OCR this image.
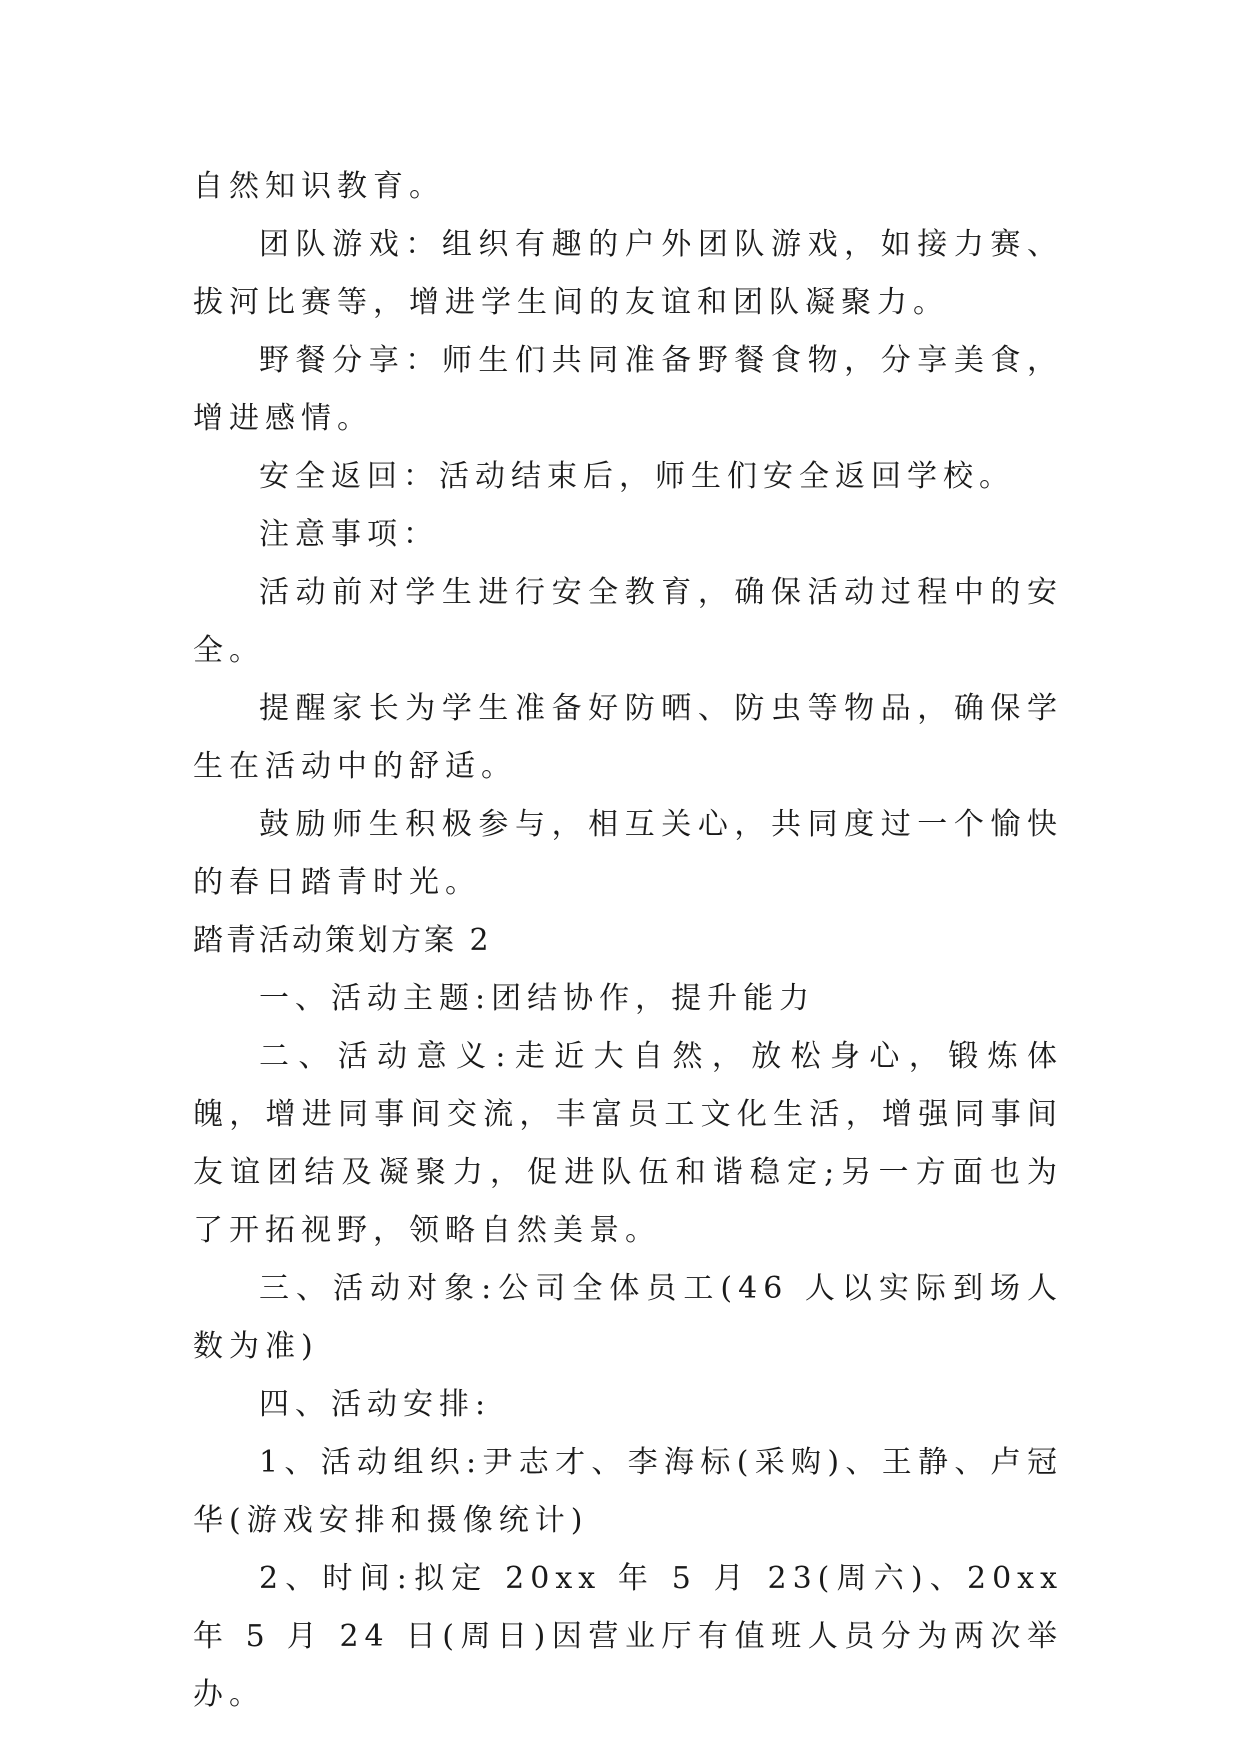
自然知识教育。

团队游戏：组织有趣的户外团队游戏，如接力赛、拔河比赛等，增进学生间的友谊和团队凝聚力。

野餐分享：师生们共同准备野餐食物，分享美食，增进感情。

安全返回：活动结束后，师生们安全返回学校。

注意事项：

活动前对学生进行安全教育，确保活动过程中的安全。

提醒家长为学生准备好防晒、防虫等物品，确保学生在活动中的舒适。

鼓励师生积极参与，相互关心，共同度过一个愉快的春日踏青时光。

踏青活动策划方案 2

一、活动主题:团结协作，提升能力

二、活动意义:走近大自然，放松身心，锻炼体魄，增进同事间交流，丰富员工文化生活，增强同事间友谊团结及凝聚力，促进队伍和谐稳定;另一方面也为了开拓视野，领略自然美景。

三、活动对象:公司全体员工(46 人以实际到场人数为准)

四、活动安排:

1、活动组织:尹志才、李海标(采购)、王静、卢冠华(游戏安排和摄像统计)

2、时间:拟定 20xx 年 5 月 23(周六)、20xx 年 5 月 24 日(周日)因营业厅有值班人员分为两次举办。
